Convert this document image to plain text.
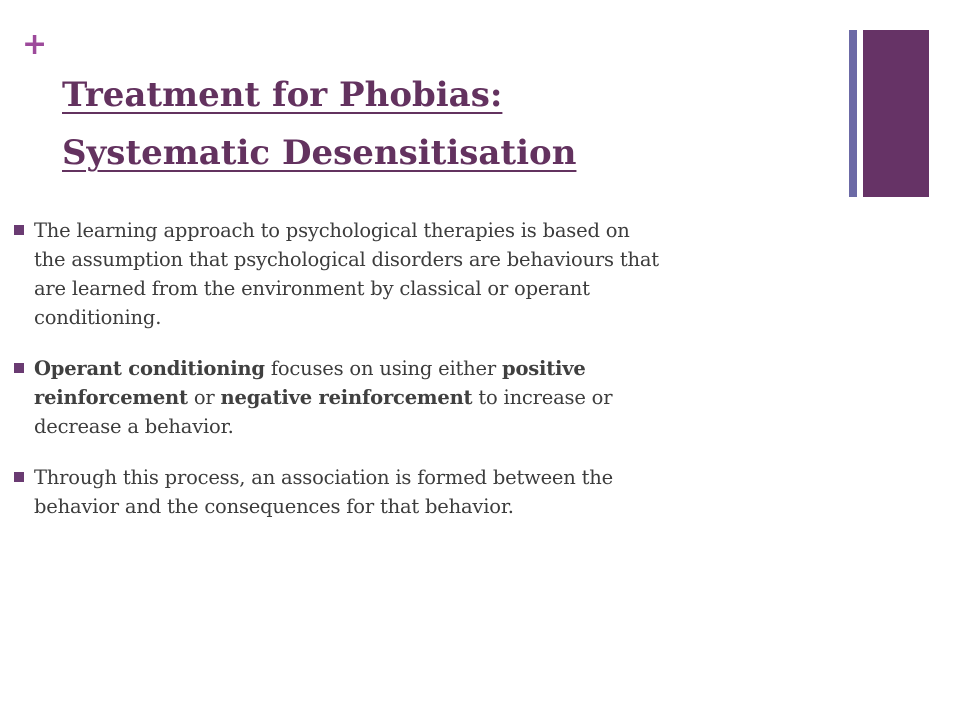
+
Treatment for Phobias:
Systematic Desensitisation
The learning approach to psychological therapies is based on
the assumption that psychological disorders are behaviours that
are learned from the environment by classical or operant
conditioning.
Operant conditioning focuses on using either positive
reinforcement or negative reinforcement to increase or
decrease a behavior.
Through this process, an association is formed between the
behavior and the consequences for that behavior.
